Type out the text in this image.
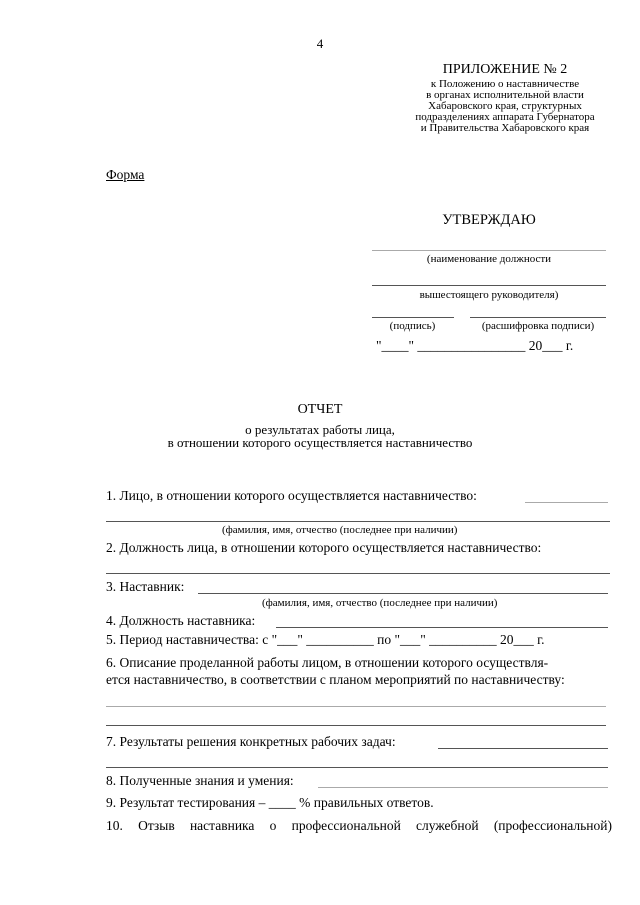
4
ПРИЛОЖЕНИЕ № 2
к Положению о наставничестве
в органах исполнительной власти
Хабаровского края, структурных
подразделениях аппарата Губернатора
и Правительства Хабаровского края
Форма
УТВЕРЖДАЮ
(наименование должности
вышестоящего руководителя)
(подпись)	(расшифровка подписи)
"____" ________________ 20___ г.
ОТЧЕТ
о результатах работы лица,
в отношении которого осуществляется наставничество
1. Лицо, в отношении которого осуществляется наставничество:
(фамилия, имя, отчество (последнее при наличии)
2. Должность лица, в отношении которого осуществляется наставничество:
3. Наставник:
(фамилия, имя, отчество (последнее при наличии)
4. Должность наставника:
5. Период наставничества: с "___" __________ по "___" __________ 20___ г.
6. Описание проделанной работы лицом, в отношении которого осуществля-
ется наставничество, в соответствии с планом мероприятий по наставничеству:
7. Результаты решения конкретных рабочих задач:
8. Полученные знания и умения:
9. Результат тестирования – ____ % правильных ответов.
10. Отзыв наставника о профессиональной служебной (профессиональной)
